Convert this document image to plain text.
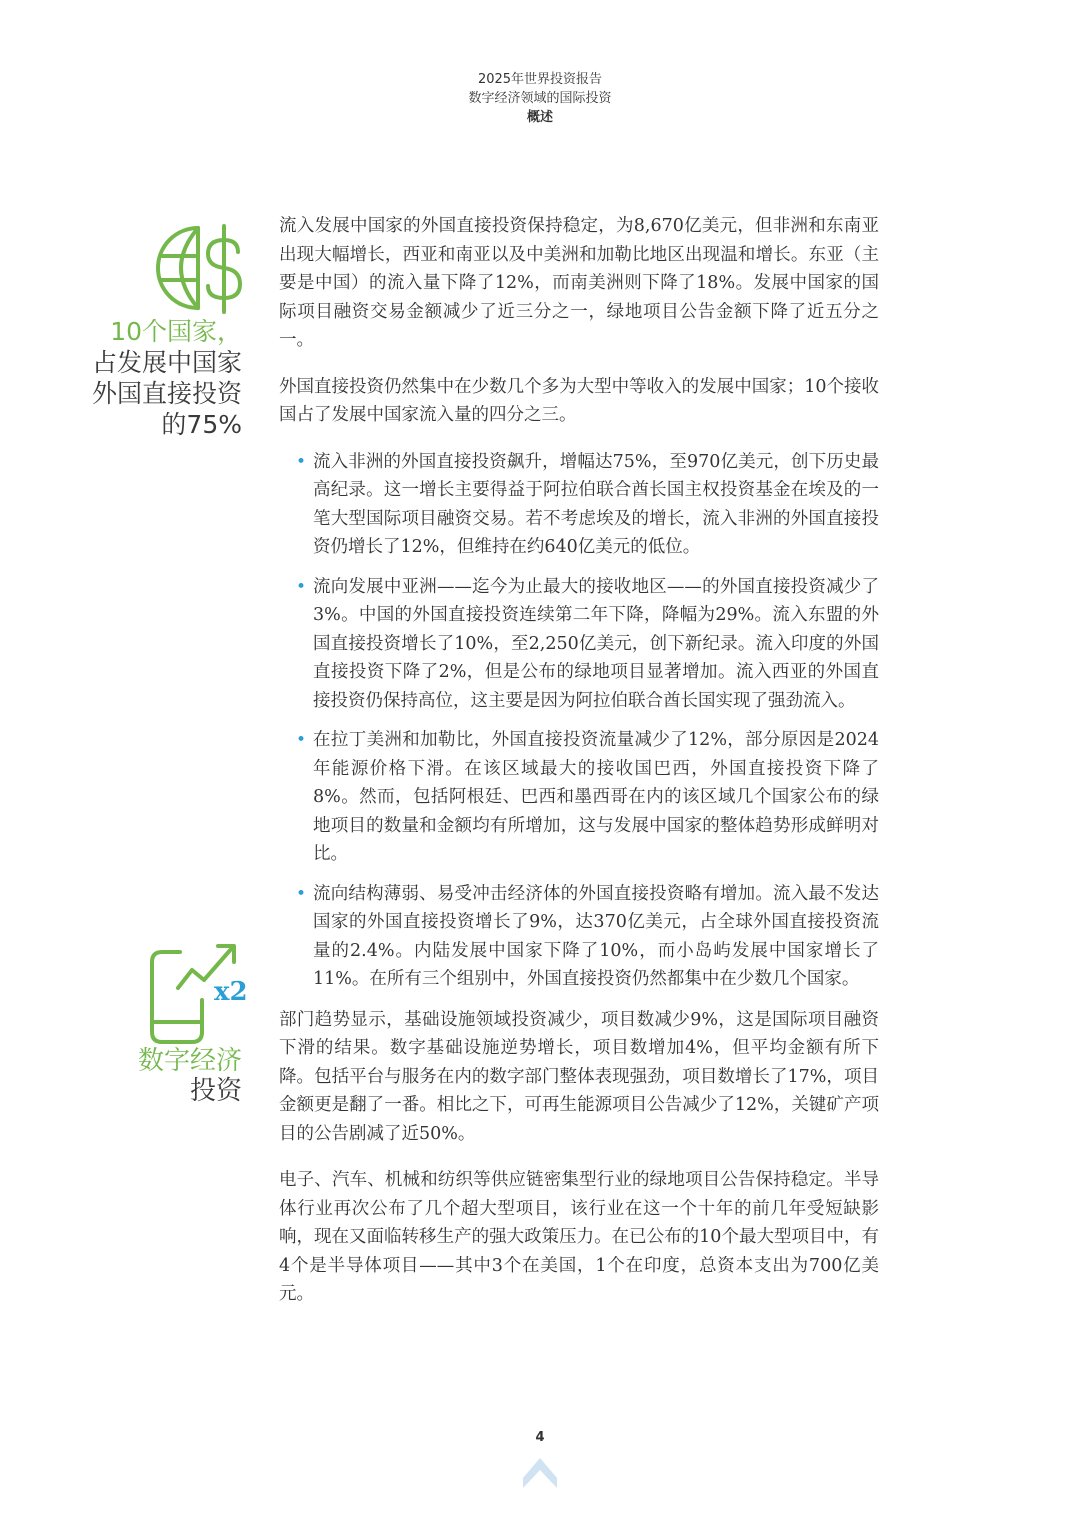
2025年世界投资报告
数字经济领域的国际投资
概述
10个国家，
占发展中国家
外国直接投资
的75%
x2
数字经济
投资

流入发展中国家的外国直接投资保持稳定，为8,670亿美元，但非洲和东南亚出现大幅增长，西亚和南亚以及中美洲和加勒比地区出现温和增长。东亚（主要是中国）的流入量下降了12%，而南美洲则下降了18%。发展中国家的国际项目融资交易金额减少了近三分之一，绿地项目公告金额下降了近五分之一。

外国直接投资仍然集中在少数几个多为大型中等收入的发展中国家；10个接收国占了发展中国家流入量的四分之三。

• 流入非洲的外国直接投资飙升，增幅达75%，至970亿美元，创下历史最高纪录。这一增长主要得益于阿拉伯联合酋长国主权投资基金在埃及的一笔大型国际项目融资交易。若不考虑埃及的增长，流入非洲的外国直接投资仍增长了12%，但维持在约640亿美元的低位。
• 流向发展中亚洲——迄今为止最大的接收地区——的外国直接投资减少了3%。中国的外国直接投资连续第二年下降，降幅为29%。流入东盟的外国直接投资增长了10%，至2,250亿美元，创下新纪录。流入印度的外国直接投资下降了2%，但是公布的绿地项目显著增加。流入西亚的外国直接投资仍保持高位，这主要是因为阿拉伯联合酋长国实现了强劲流入。
• 在拉丁美洲和加勒比，外国直接投资流量减少了12%，部分原因是2024年能源价格下滑。在该区域最大的接收国巴西，外国直接投资下降了8%。然而，包括阿根廷、巴西和墨西哥在内的该区域几个国家公布的绿地项目的数量和金额均有所增加，这与发展中国家的整体趋势形成鲜明对比。
• 流向结构薄弱、易受冲击经济体的外国直接投资略有增加。流入最不发达国家的外国直接投资增长了9%，达370亿美元，占全球外国直接投资流量的2.4%。内陆发展中国家下降了10%，而小岛屿发展中国家增长了11%。在所有三个组别中，外国直接投资仍然都集中在少数几个国家。

部门趋势显示，基础设施领域投资减少，项目数减少9%，这是国际项目融资下滑的结果。数字基础设施逆势增长，项目数增加4%，但平均金额有所下降。包括平台与服务在内的数字部门整体表现强劲，项目数增长了17%，项目金额更是翻了一番。相比之下，可再生能源项目公告减少了12%，关键矿产项目的公告剧减了近50%。

电子、汽车、机械和纺织等供应链密集型行业的绿地项目公告保持稳定。半导体行业再次公布了几个超大型项目，该行业在这一个十年的前几年受短缺影响，现在又面临转移生产的强大政策压力。在已公布的10个最大型项目中，有4个是半导体项目——其中3个在美国，1个在印度，总资本支出为700亿美元。

4
